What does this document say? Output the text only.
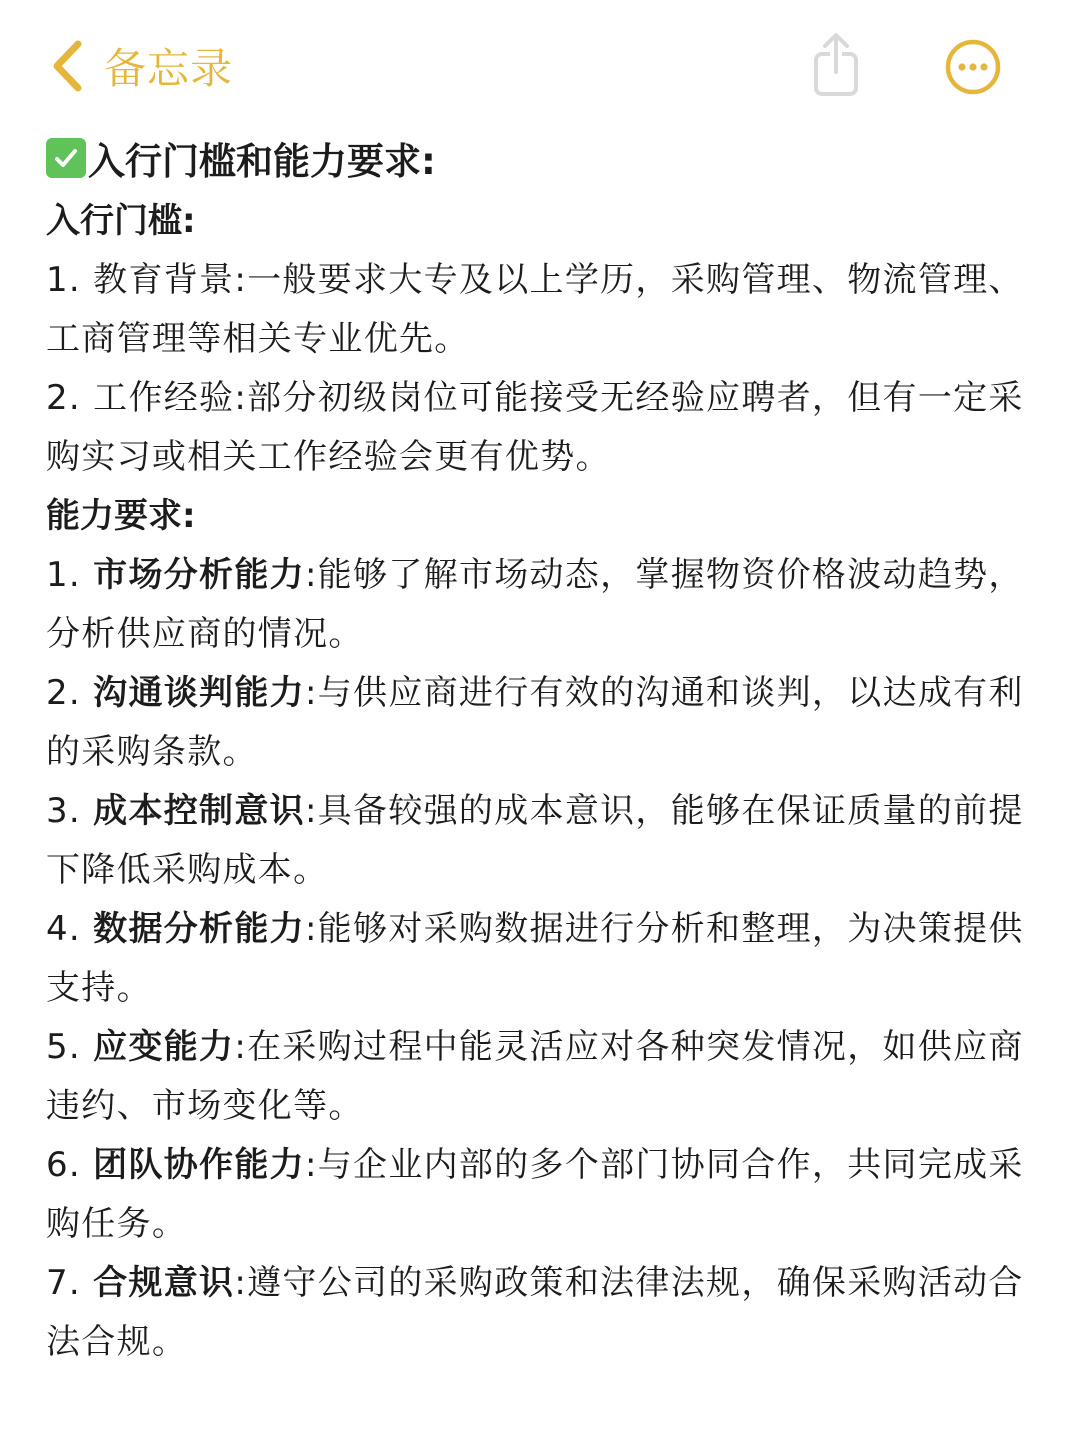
备忘录
入行门槛和能力要求:
入行门槛:
1. 教育背景:一般要求大专及以上学历，采购管理、物流管理、工商管理等相关专业优先。
2. 工作经验:部分初级岗位可能接受无经验应聘者，但有一定采购实习或相关工作经验会更有优势。
能力要求:
1. 市场分析能力:能够了解市场动态，掌握物资价格波动趋势，分析供应商的情况。
2. 沟通谈判能力:与供应商进行有效的沟通和谈判，以达成有利的采购条款。
3. 成本控制意识:具备较强的成本意识，能够在保证质量的前提下降低采购成本。
4. 数据分析能力:能够对采购数据进行分析和整理，为决策提供支持。
5. 应变能力:在采购过程中能灵活应对各种突发情况，如供应商违约、市场变化等。
6. 团队协作能力:与企业内部的多个部门协同合作，共同完成采购任务。
7. 合规意识:遵守公司的采购政策和法律法规，确保采购活动合法合规。
